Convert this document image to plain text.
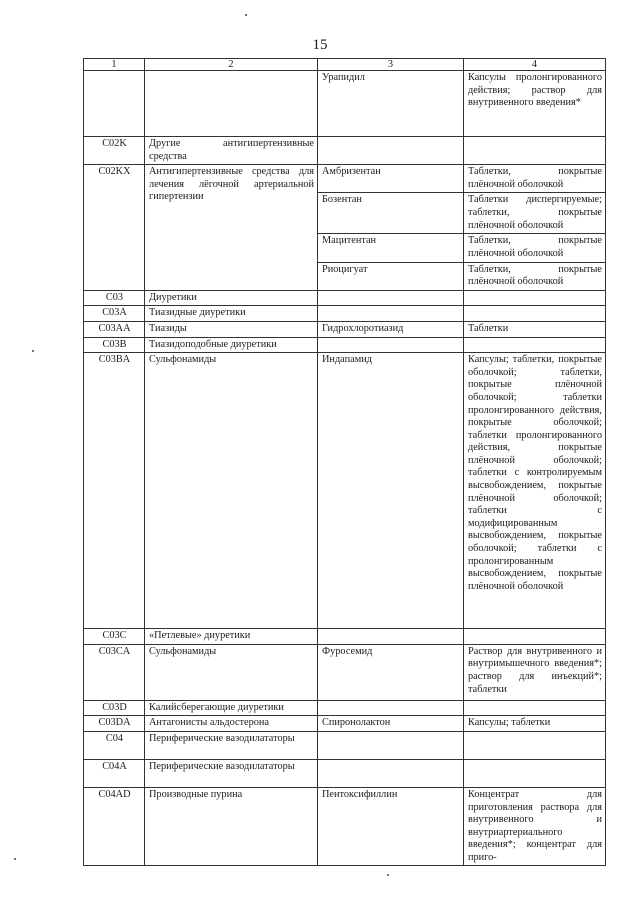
15
1	2	3	4
		Урапидил	Капсулы пролонгированного действия; раствор для внутривенного введения*
C02K	Другие антигипертензивные средства		
C02KX	Антигипертензивные средства для лечения лёгочной артериальной гипертензии	Амбризентан	Таблетки, покрытые плёночной оболочкой
		Бозентан	Таблетки диспергируемые; таблетки, покрытые плёночной оболочкой
		Мацитентан	Таблетки, покрытые плёночной оболочкой
		Риоцигуат	Таблетки, покрытые плёночной оболочкой
C03	Диуретики		
C03A	Тиазидные диуретики		
C03AA	Тиазиды	Гидрохлоротиазид	Таблетки
C03B	Тиазидоподобные диуретики		
C03BA	Сульфонамиды	Индапамид	Капсулы; таблетки, покрытые оболочкой; таблетки, покрытые плёночной оболочкой; таблетки пролонгированного действия, покрытые оболочкой; таблетки пролонгированного действия, покрытые плёночной оболочкой; таблетки с контролируемым высвобождением, покрытые плёночной оболочкой; таблетки с модифицированным высвобождением, покрытые оболочкой; таблетки с пролонгированным высвобождением, покрытые плёночной оболочкой
C03C	«Петлевые» диуретики		
C03CA	Сульфонамиды	Фуросемид	Раствор для внутривенного и внутримышечного введения*; раствор для инъекций*; таблетки
C03D	Калийсберегающие диуретики		
C03DA	Антагонисты альдостерона	Спиронолактон	Капсулы; таблетки
C04	Периферические вазодилататоры		
C04A	Периферические вазодилататоры		
C04AD	Производные пурина	Пентоксифиллин	Концентрат для приготовления раствора для внутривенного и внутриартериального введения*; концентрат для приго-
